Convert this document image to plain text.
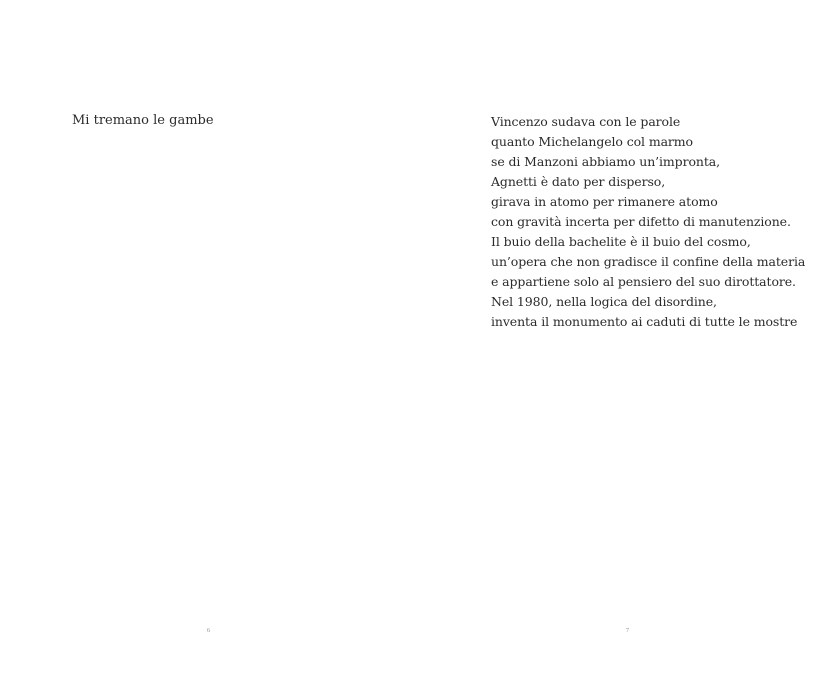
Mi tremano le gambe
6
Vincenzo sudava con le parole
quanto Michelangelo col marmo
se di Manzoni abbiamo un’impronta,
Agnetti è dato per disperso,
girava in atomo per rimanere atomo
con gravità incerta per difetto di manutenzione.
Il buio della bachelite è il buio del cosmo,
un’opera che non gradisce il confine della materia
e appartiene solo al pensiero del suo dirottatore.
Nel 1980, nella logica del disordine,
inventa il monumento ai caduti di tutte le mostre
7
